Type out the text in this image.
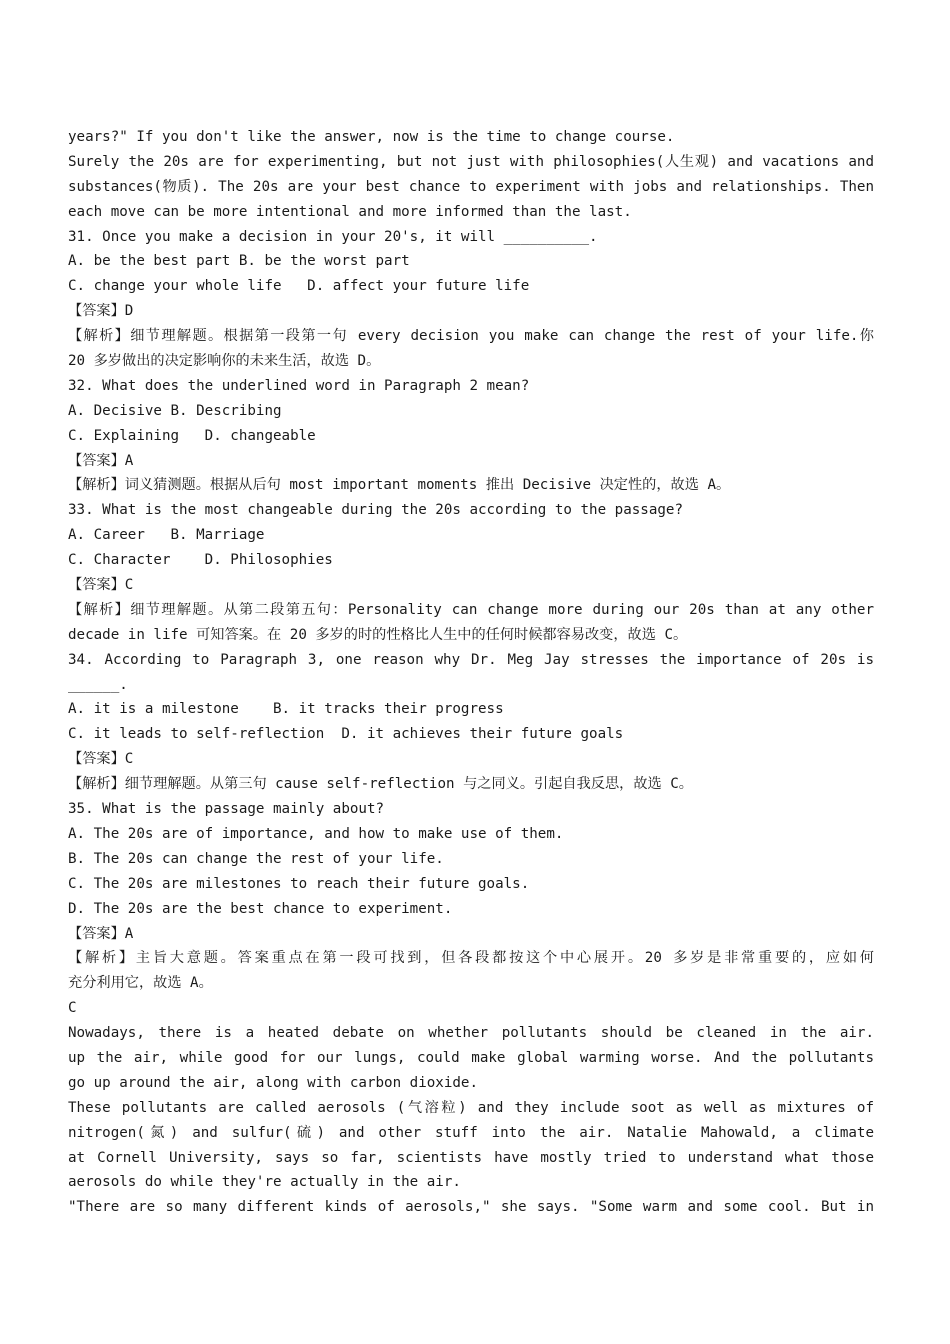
years?" If you don't like the answer, now is the time to change course.
Surely the 20s are for experimenting, but not just with philosophies(人生观) and vacations and
substances(物质). The 20s are your best chance to experiment with jobs and relationships. Then
each move can be more intentional and more informed than the last.
31. Once you make a decision in your 20's, it will __________.
A. be the best part B. be the worst part
C. change your whole life   D. affect your future life
【答案】D
【解析】细节理解题。根据第一段第一句 every decision you make can change the rest of your life.你
20 多岁做出的决定影响你的未来生活，故选 D。
32. What does the underlined word in Paragraph 2 mean?
A. Decisive B. Describing
C. Explaining   D. changeable
【答案】A
【解析】词义猜测题。根据从后句 most important moments 推出 Decisive 决定性的，故选 A。
33. What is the most changeable during the 20s according to the passage?
A. Career   B. Marriage
C. Character    D. Philosophies
【答案】C
【解析】细节理解题。从第二段第五句：Personality can change more during our 20s than at any other
decade in life 可知答案。在 20 多岁的时的性格比人生中的任何时候都容易改变，故选 C。
34. According to Paragraph 3, one reason why Dr. Meg Jay stresses the importance of 20s is
______.
A. it is a milestone    B. it tracks their progress
C. it leads to self-reflection  D. it achieves their future goals
【答案】C
【解析】细节理解题。从第三句 cause self-reflection 与之同义。引起自我反思，故选 C。
35. What is the passage mainly about?
A. The 20s are of importance, and how to make use of them.
B. The 20s can change the rest of your life.
C. The 20s are milestones to reach their future goals.
D. The 20s are the best chance to experiment.
【答案】A
【解析】主旨大意题。答案重点在第一段可找到，但各段都按这个中心展开。20 多岁是非常重要的，应如何
充分利用它，故选 A。
C
Nowadays, there is a heated debate on whether pollutants should be cleaned in the air.
up the air, while good for our lungs, could make global warming worse. And the pollutants
go up around the air, along with carbon dioxide.
These pollutants are called aerosols (气溶粒) and they include soot as well as mixtures of
nitrogen(氮) and sulfur(硫) and other stuff into the air. Natalie Mahowald, a climate
at Cornell University, says so far, scientists have mostly tried to understand what those
aerosols do while they're actually in the air.
"There are so many different kinds of aerosols," she says. "Some warm and some cool. But in
